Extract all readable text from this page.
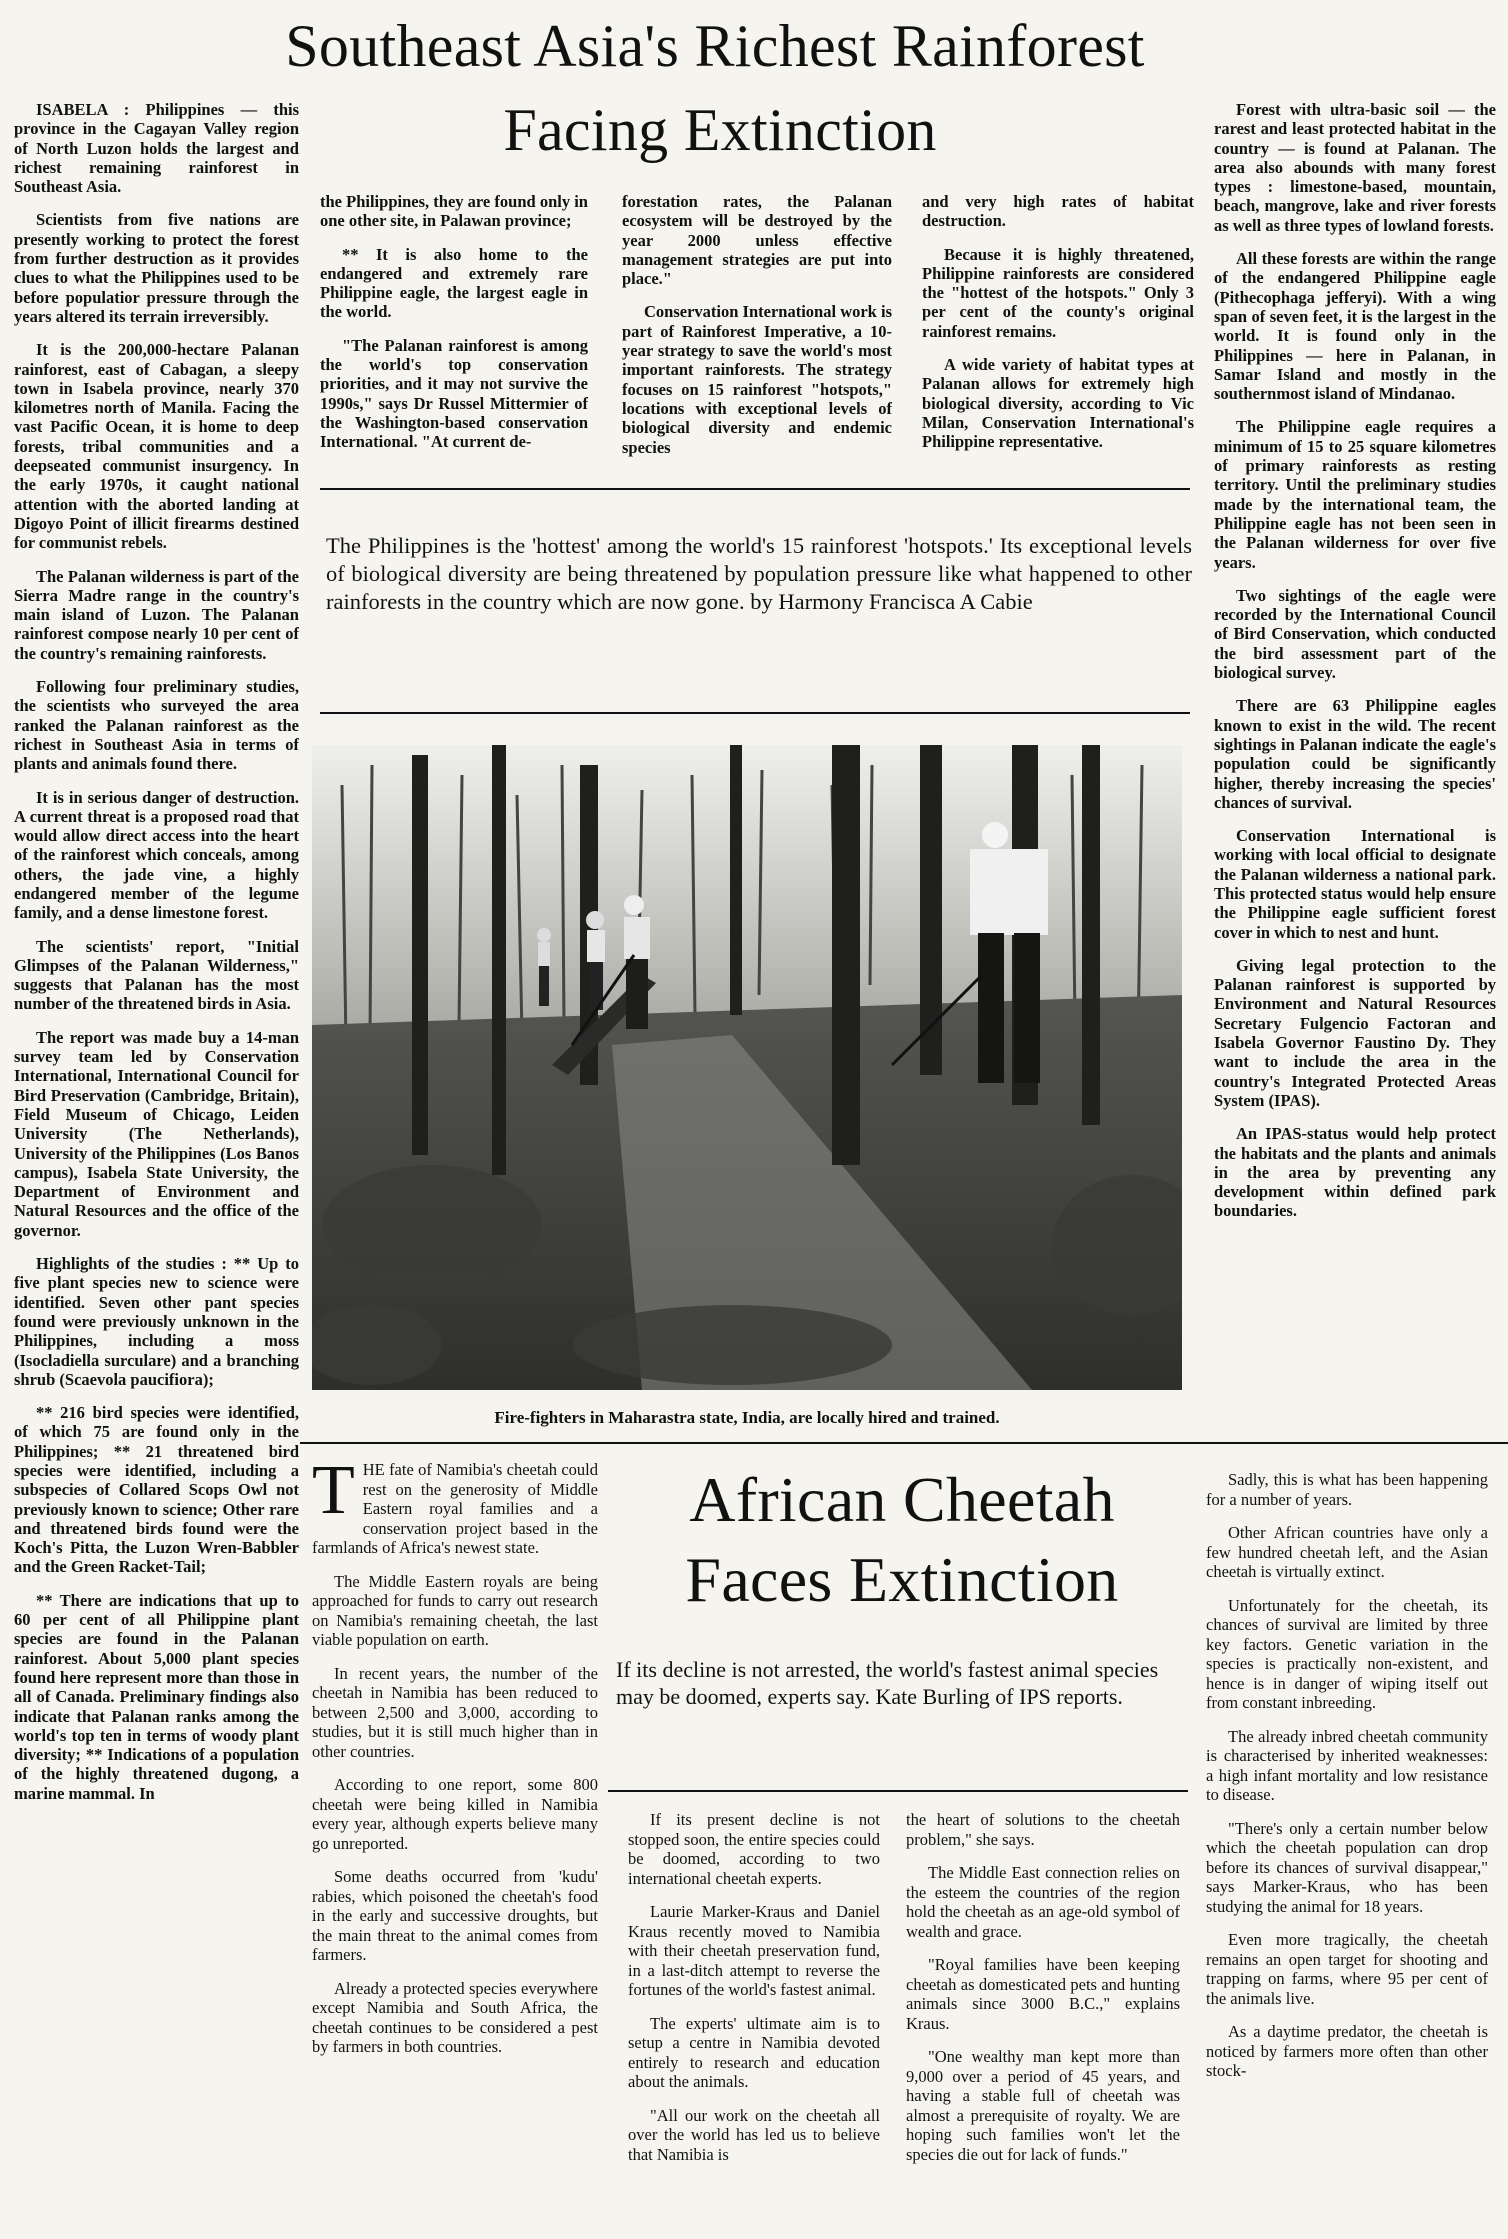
Southeast Asia's Richest Rainforest
Facing Extinction

ISABELA : Philippines — this province in the Cagayan Valley region of North Luzon holds the largest and richest remaining rainforest in Southeast Asia.

Scientists from five nations are presently working to protect the forest from further destruction as it provides clues to what the Philippines used to be before populatior pressure through the years altered its terrain irreversibly.

It is the 200,000-hectare Palanan rainforest, east of Cabagan, a sleepy town in Isabela province, nearly 370 kilometres north of Manila. Facing the vast Pacific Ocean, it is home to deep forests, tribal communities and a deepseated communist insurgency. In the early 1970s, it caught national attention with the aborted landing at Digoyo Point of illicit firearms destined for communist rebels.

The Palanan wilderness is part of the Sierra Madre range in the country's main island of Luzon. The Palanan rainforest compose nearly 10 per cent of the country's remaining rainforests.

Following four preliminary studies, the scientists who surveyed the area ranked the Palanan rainforest as the richest in Southeast Asia in terms of plants and animals found there.

It is in serious danger of destruction. A current threat is a proposed road that would allow direct access into the heart of the rainforest which conceals, among others, the jade vine, a highly endangered member of the legume family, and a dense limestone forest.

The scientists' report, "Initial Glimpses of the Palanan Wilderness," suggests that Palanan has the most number of the threatened birds in Asia.

The report was made buy a 14-man survey team led by Conservation International, International Council for Bird Preservation (Cambridge, Britain), Field Museum of Chicago, Leiden University (The Netherlands), University of the Philippines (Los Banos campus), Isabela State University, the Department of Environment and Natural Resources and the office of the governor.

Highlights of the studies : ** Up to five plant species new to science were identified. Seven other pant species found were previously unknown in the Philippines, including a moss (Isocladiella surculare) and a branching shrub (Scaevola paucifiora);

** 216 bird species were identified, of which 75 are found only in the Philippines; ** 21 threatened bird species were identified, including a subspecies of Collared Scops Owl not previously known to science; Other rare and threatened birds found were the Koch's Pitta, the Luzon Wren-Babbler and the Green Racket-Tail;

** There are indications that up to 60 per cent of all Philippine plant species are found in the Palanan rainforest. About 5,000 plant species found here represent more than those in all of Canada. Preliminary findings also indicate that Palanan ranks among the world's top ten in terms of woody plant diversity; ** Indications of a population of the highly threatened dugong, a marine mammal. In

the Philippines, they are found only in one other site, in Palawan province;

** It is also home to the endangered and extremely rare Philippine eagle, the largest eagle in the world.

"The Palanan rainforest is among the world's top conservation priorities, and it may not survive the 1990s," says Dr Russel Mittermier of the Washington-based conservation International. "At current de-

forestation rates, the Palanan ecosystem will be destroyed by the year 2000 unless effective management strategies are put into place."

Conservation International work is part of Rainforest Imperative, a 10-year strategy to save the world's most important rainforests. The strategy focuses on 15 rainforest "hotspots," locations with exceptional levels of biological diversity and endemic species

and very high rates of habitat destruction.

Because it is highly threatened, Philippine rainforests are considered the "hottest of the hotspots." Only 3 per cent of the county's original rainforest remains.

A wide variety of habitat types at Palanan allows for extremely high biological diversity, according to Vic Milan, Conservation International's Philippine representative.

Forest with ultra-basic soil — the rarest and least protected habitat in the country — is found at Palanan. The area also abounds with many forest types : limestone-based, mountain, beach, mangrove, lake and river forests as well as three types of lowland forests.

All these forests are within the range of the endangered Philippine eagle (Pithecophaga jefferyi). With a wing span of seven feet, it is the largest in the world. It is found only in the Philippines — here in Palanan, in Samar Island and mostly in the southernmost island of Mindanao.

The Philippine eagle requires a minimum of 15 to 25 square kilometres of primary rainforests as resting territory. Until the preliminary studies made by the international team, the Philippine eagle has not been seen in the Palanan wilderness for over five years.

Two sightings of the eagle were recorded by the International Council of Bird Conservation, which conducted the bird assessment part of the biological survey.

There are 63 Philippine eagles known to exist in the wild. The recent sightings in Palanan indicate the eagle's population could be significantly higher, thereby increasing the species' chances of survival.

Conservation International is working with local official to designate the Palanan wilderness a national park. This protected status would help ensure the Philippine eagle sufficient forest cover in which to nest and hunt.

Giving legal protection to the Palanan rainforest is supported by Environment and Natural Resources Secretary Fulgencio Factoran and Isabela Governor Faustino Dy. They want to include the area in the country's Integrated Protected Areas System (IPAS).

An IPAS-status would help protect the habitats and the plants and animals in the area by preventing any development within defined park boundaries.

The Philippines is the 'hottest' among the world's 15 rainforest 'hotspots.' Its exceptional levels of biological diversity are being threatened by population pressure like what happened to other rainforests in the country which are now gone. by Harmony Francisca A Cabie

Fire-fighters in Maharastra state, India, are locally hired and trained.

THE fate of Namibia's cheetah could rest on the generosity of Middle Eastern royal families and a conservation project based in the farmlands of Africa's newest state.

The Middle Eastern royals are being approached for funds to carry out research on Namibia's remaining cheetah, the last viable population on earth.

In recent years, the number of the cheetah in Namibia has been reduced to between 2,500 and 3,000, according to studies, but it is still much higher than in other countries.

According to one report, some 800 cheetah were being killed in Namibia every year, although experts believe many go unreported.

Some deaths occurred from 'kudu' rabies, which poisoned the cheetah's food in the early and successive droughts, but the main threat to the animal comes from farmers.

Already a protected species everywhere except Namibia and South Africa, the cheetah continues to be considered a pest by farmers in both countries.

African Cheetah
Faces Extinction

If its decline is not arrested, the world's fastest animal species may be doomed, experts say. Kate Burling of IPS reports.

If its present decline is not stopped soon, the entire species could be doomed, according to two international cheetah experts.

Laurie Marker-Kraus and Daniel Kraus recently moved to Namibia with their cheetah preservation fund, in a last-ditch attempt to reverse the fortunes of the world's fastest animal.

The experts' ultimate aim is to setup a centre in Namibia devoted entirely to research and education about the animals.

"All our work on the cheetah all over the world has led us to believe that Namibia is

the heart of solutions to the cheetah problem," she says.

The Middle East connection relies on the esteem the countries of the region hold the cheetah as an age-old symbol of wealth and grace.

"Royal families have been keeping cheetah as domesticated pets and hunting animals since 3000 B.C.," explains Kraus.

"One wealthy man kept more than 9,000 over a period of 45 years, and having a stable full of cheetah was almost a prerequisite of royalty. We are hoping such families won't let the species die out for lack of funds."

Sadly, this is what has been happening for a number of years.

Other African countries have only a few hundred cheetah left, and the Asian cheetah is virtually extinct.

Unfortunately for the cheetah, its chances of survival are limited by three key factors. Genetic variation in the species is practically non-existent, and hence is in danger of wiping itself out from constant inbreeding.

The already inbred cheetah community is characterised by inherited weaknesses: a high infant mortality and low resistance to disease.

"There's only a certain number below which the cheetah population can drop before its chances of survival disappear," says Marker-Kraus, who has been studying the animal for 18 years.

Even more tragically, the cheetah remains an open target for shooting and trapping on farms, where 95 per cent of the animals live.

As a daytime predator, the cheetah is noticed by farmers more often than other stock-
